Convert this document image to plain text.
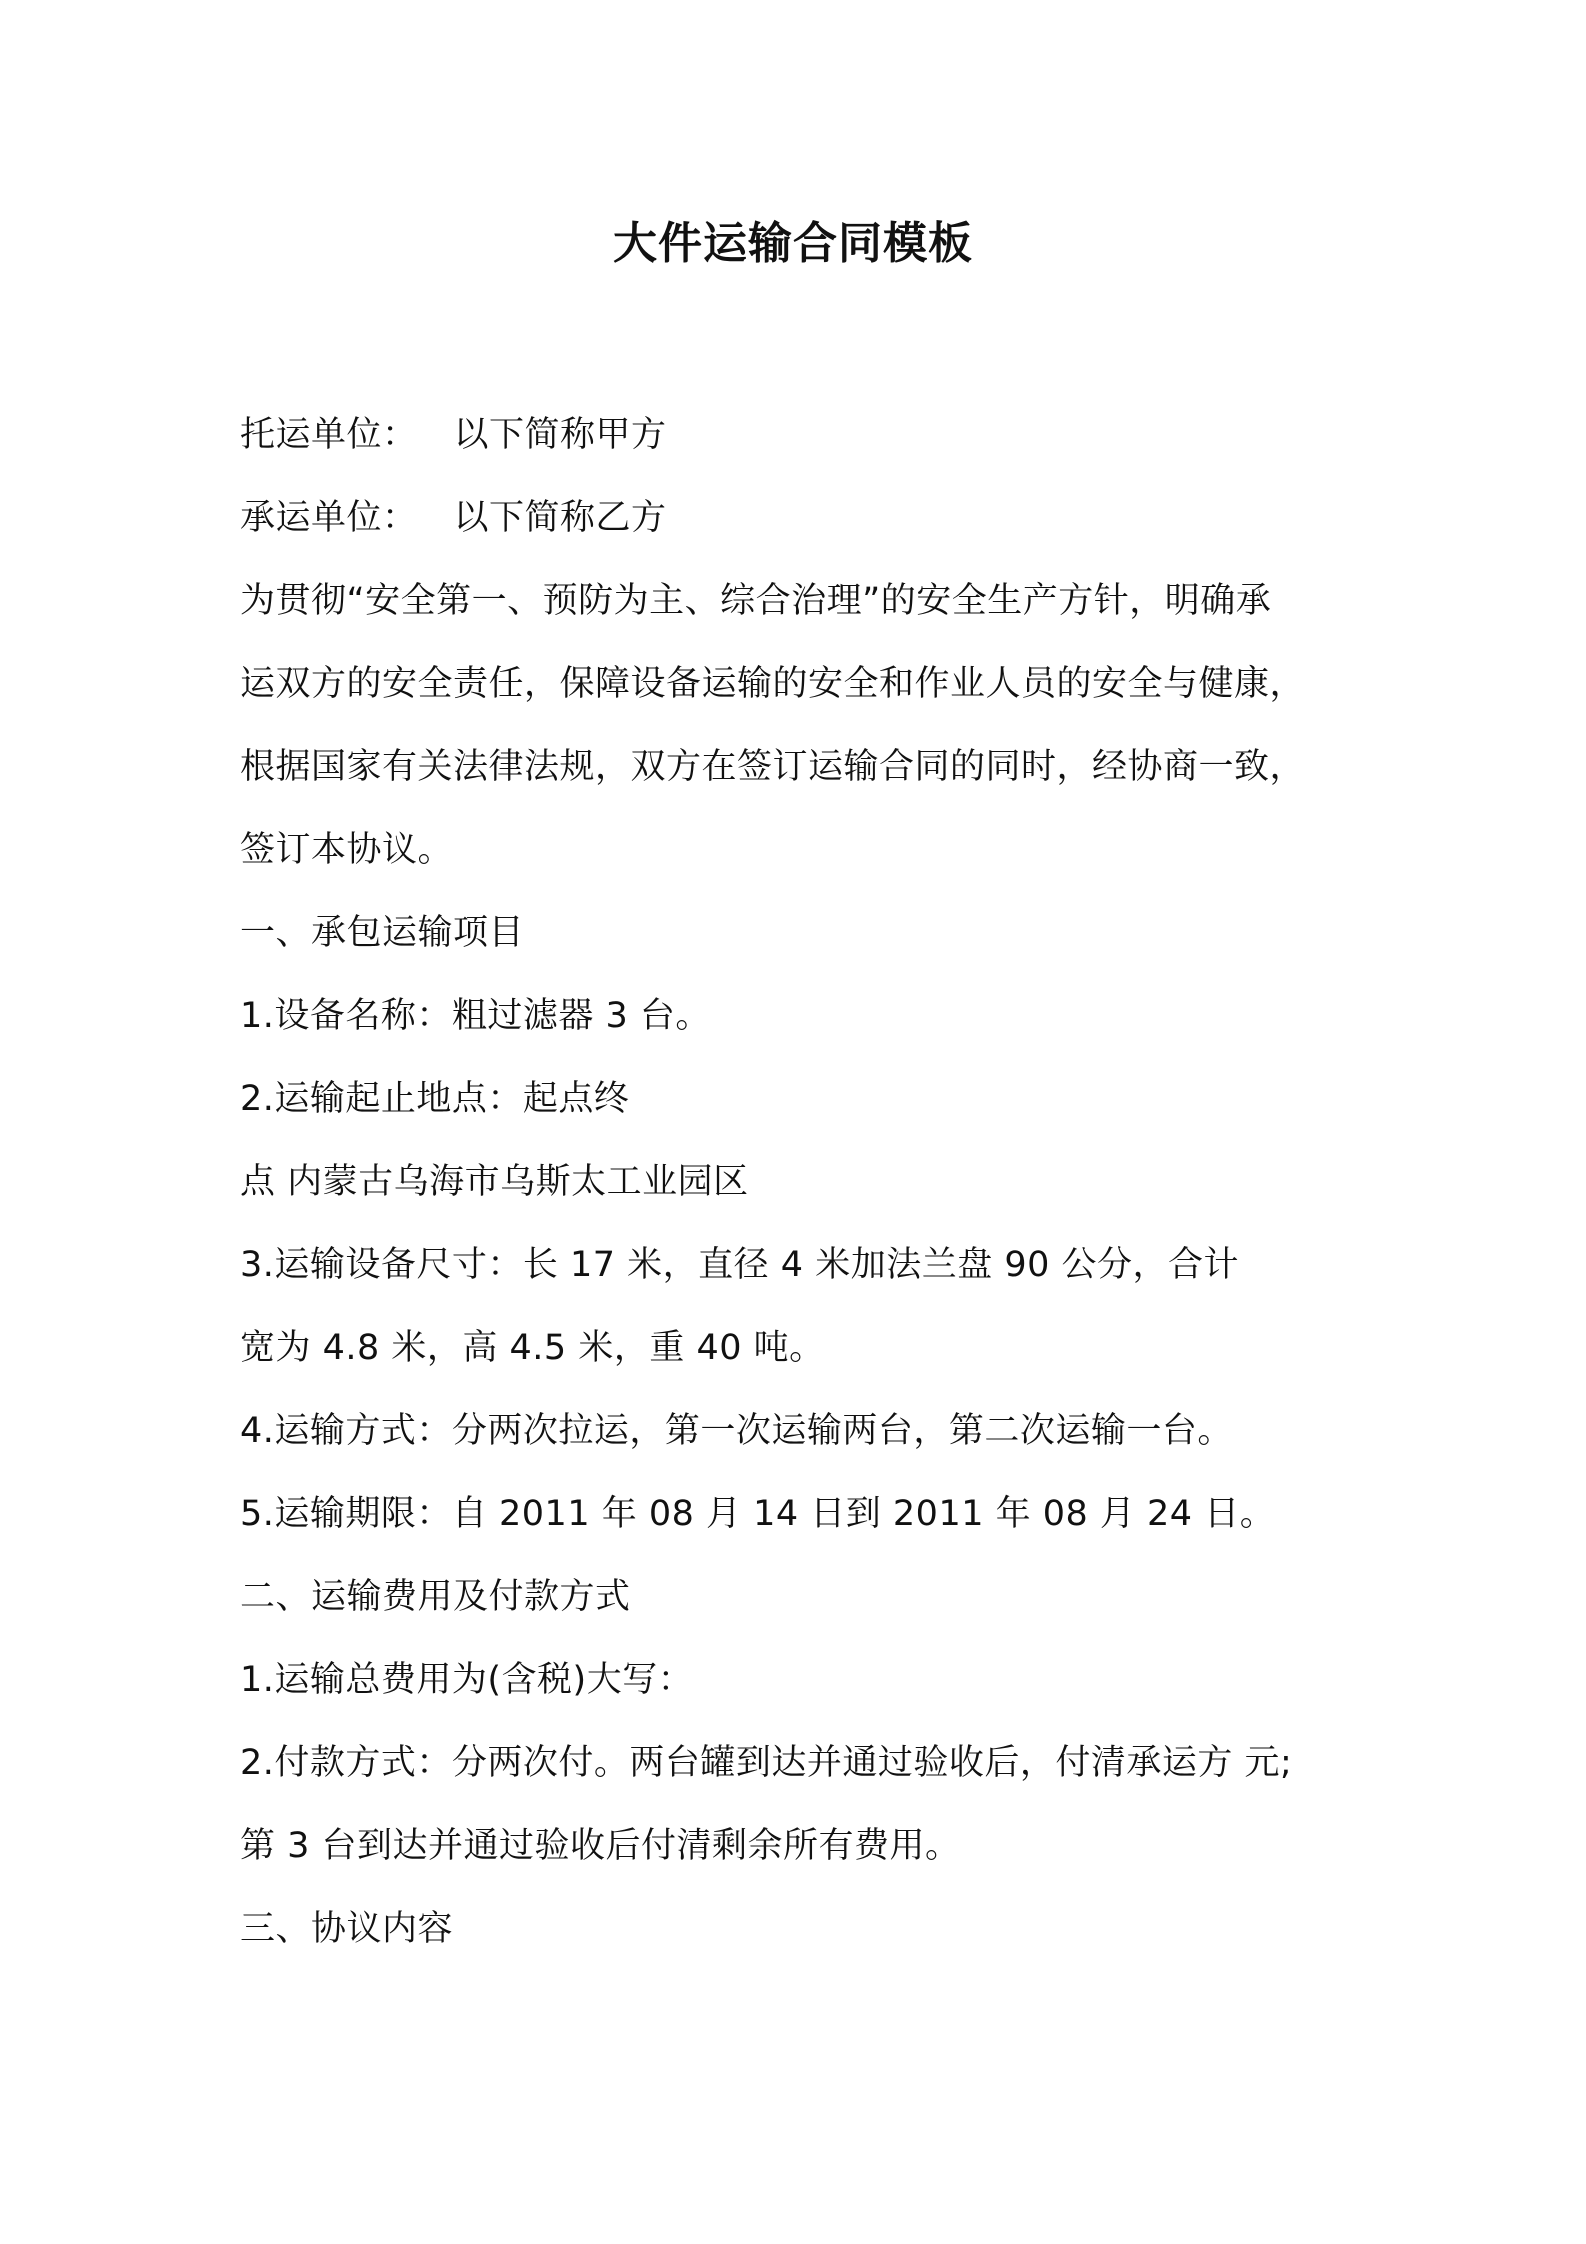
大件运输合同模板
托运单位： 以下简称甲方
承运单位： 以下简称乙方
为贯彻“安全第一、预防为主、综合治理”的安全生产方针，明确承
运双方的安全责任，保障设备运输的安全和作业人员的安全与健康，
根据国家有关法律法规，双方在签订运输合同的同时，经协商一致，
签订本协议。
一、承包运输项目
1.设备名称：粗过滤器 3 台。
2.运输起止地点：起点终
点 内蒙古乌海市乌斯太工业园区
3.运输设备尺寸：长 17 米，直径 4 米加法兰盘 90 公分，合计
宽为 4.8 米，高 4.5 米，重 40 吨。
4.运输方式：分两次拉运，第一次运输两台，第二次运输一台。
5.运输期限：自 2011 年 08 月 14 日到 2011 年 08 月 24 日。
二、运输费用及付款方式
1.运输总费用为(含税)大写：
2.付款方式：分两次付。两台罐到达并通过验收后，付清承运方 元;
第 3 台到达并通过验收后付清剩余所有费用。
三、协议内容
